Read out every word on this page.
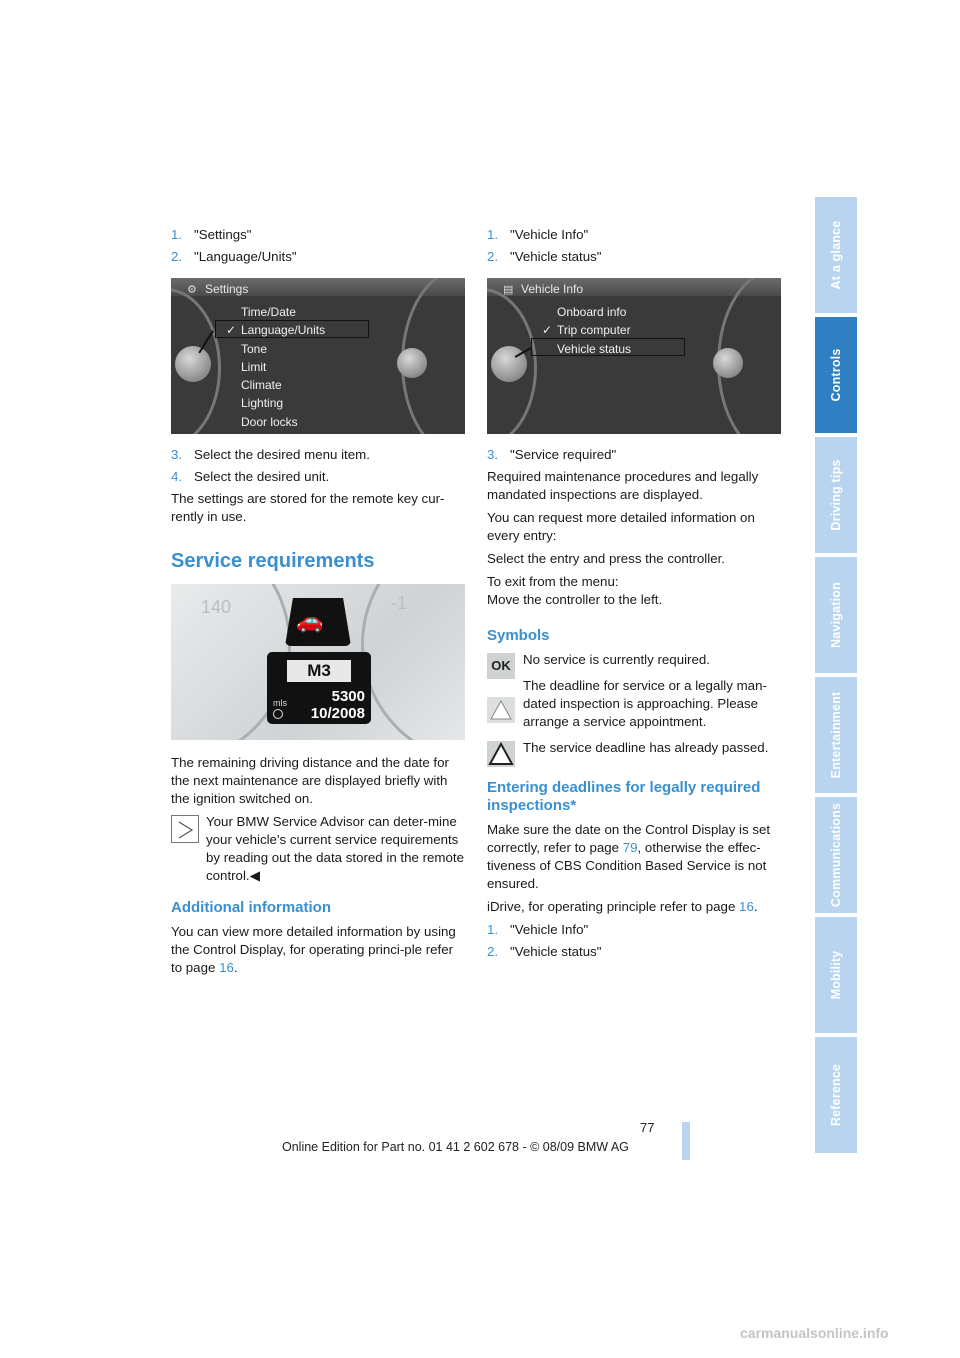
1. "Settings"
2. "Language/Units"
⚙ Settings
Time/Date
✓ Language/Units
Tone
Limit
Climate
Lighting
Door locks
3. Select the desired menu item.
4. Select the desired unit.

The settings are stored for the remote key cur-rently in use.

Service requirements
140	-1
🚗
M3
mls	5300
10/2008

The remaining driving distance and the date for the next maintenance are displayed briefly with the ignition switched on.

Your BMW Service Advisor can deter-mine your vehicle's current service requirements by reading out the data stored in the remote control.◀
Additional information

You can view more detailed information by using the Control Display, for operating princi-ple refer to page 16.

1. "Vehicle Info"
2. "Vehicle status"
▤ Vehicle Info
Onboard info
✓ Trip computer
Vehicle status
3. "Service required"

Required maintenance procedures and legally mandated inspections are displayed.

You can request more detailed information on every entry:

Select the entry and press the controller.

To exit from the menu:
Move the controller to the left.

Symbols
OK No service is currently required.
The deadline for service or a legally man-dated inspection is approaching. Please arrange a service appointment.
The service deadline has already passed.
Entering deadlines for legally required inspections*

Make sure the date on the Control Display is set correctly, refer to page 79, otherwise the effec-tiveness of CBS Condition Based Service is not ensured.

iDrive, for operating principle refer to page 16.

1. "Vehicle Info"
2. "Vehicle status"
At a glance
Controls
Driving tips
Navigation
Entertainment
Communications
Mobility
Reference
77
Online Edition for Part no. 01 41 2 602 678 - © 08/09 BMW AG
carmanualsonline.info
